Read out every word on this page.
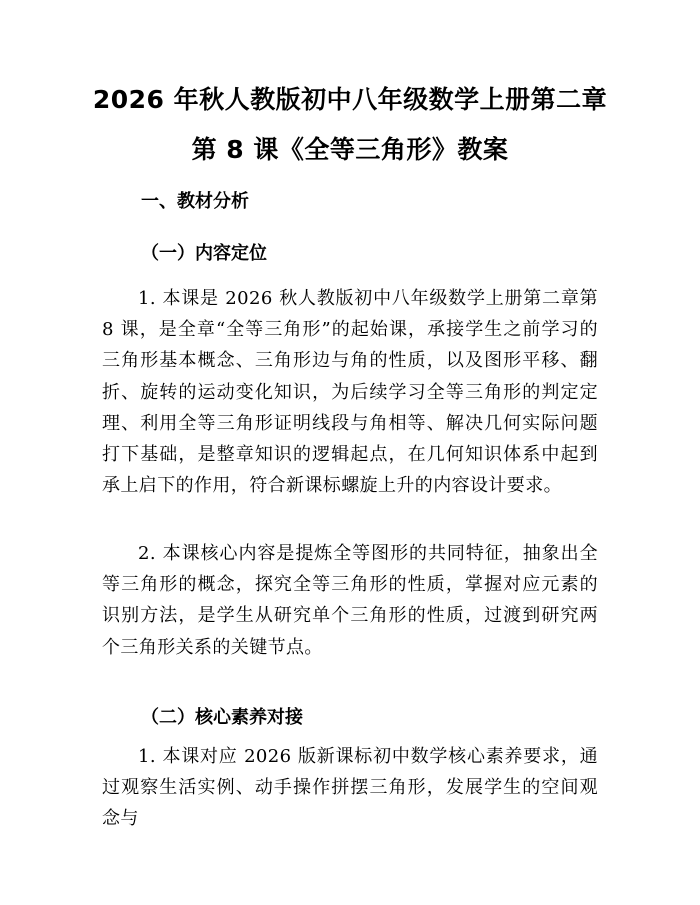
2026 年秋人教版初中八年级数学上册第二章
第 8 课《全等三角形》教案
一、教材分析
（一）内容定位

1. 本课是 2026 秋人教版初中八年级数学上册第二章第 8 课，是全章“全等三角形”的起始课，承接学生之前学习的三角形基本概念、三角形边与角的性质，以及图形平移、翻折、旋转的运动变化知识，为后续学习全等三角形的判定定理、利用全等三角形证明线段与角相等、解决几何实际问题打下基础，是整章知识的逻辑起点，在几何知识体系中起到承上启下的作用，符合新课标螺旋上升的内容设计要求。

2. 本课核心内容是提炼全等图形的共同特征，抽象出全等三角形的概念，探究全等三角形的性质，掌握对应元素的识别方法，是学生从研究单个三角形的性质，过渡到研究两个三角形关系的关键节点。

（二）核心素养对接

1. 本课对应 2026 版新课标初中数学核心素养要求，通过观察生活实例、动手操作拼摆三角形，发展学生的空间观念与
